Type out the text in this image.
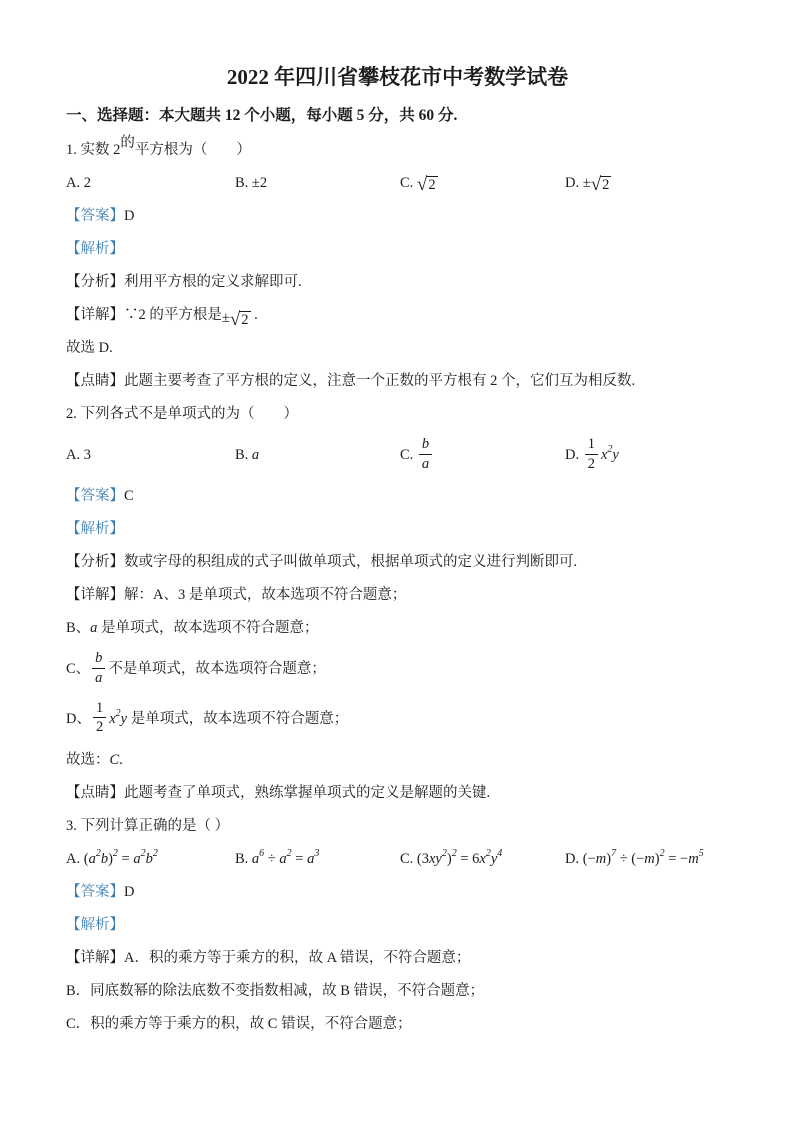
2022 年四川省攀枝花市中考数学试卷

一、选择题：本大题共 12 个小题，每小题 5 分，共 60 分.

1. 实数 2的平方根为（　　）

A. 2	B. ±2	C. √ 2	D. ± √ 2

【答案】D

【解析】

【分析】利用平方根的定义求解即可.

【详解】∵2 的平方根是± √ 2 .

故选 D.

【点睛】此题主要考查了平方根的定义，注意一个正数的平方根有 2 个，它们互为相反数.

2. 下列各式不是单项式的为（　　）

A. 3	B. a	C. $\frac{b}{a}$	D. $\frac{1}{2} x^2y$

【答案】C

【解析】

【分析】数或字母的积组成的式子叫做单项式，根据单项式的定义进行判断即可.

【详解】解：A、3 是单项式，故本选项不符合题意；

B、a 是单项式，故本选项不符合题意；

C、 $\frac{b}{a}$ 不是单项式，故本选项符合题意；

D、 $\frac{1}{2} x^2y$ 是单项式，故本选项不符合题意；

故选：C.

【点睛】此题考查了单项式，熟练掌握单项式的定义是解题的关键.

3. 下列计算正确的是（ ）

A. $(a^2b)^2 = a^2b^2$	B. $a^6 \div a^2 = a^3$	C. $(3xy^2)^2 = 6x^2y^4$	D. $(-m)^7 \div (-m)^2 = -m^5$

【答案】D

【解析】

【详解】A．积的乘方等于乘方的积，故 A 错误，不符合题意；

B．同底数幂的除法底数不变指数相减，故 B 错误，不符合题意；

C．积的乘方等于乘方的积，故 C 错误，不符合题意；
